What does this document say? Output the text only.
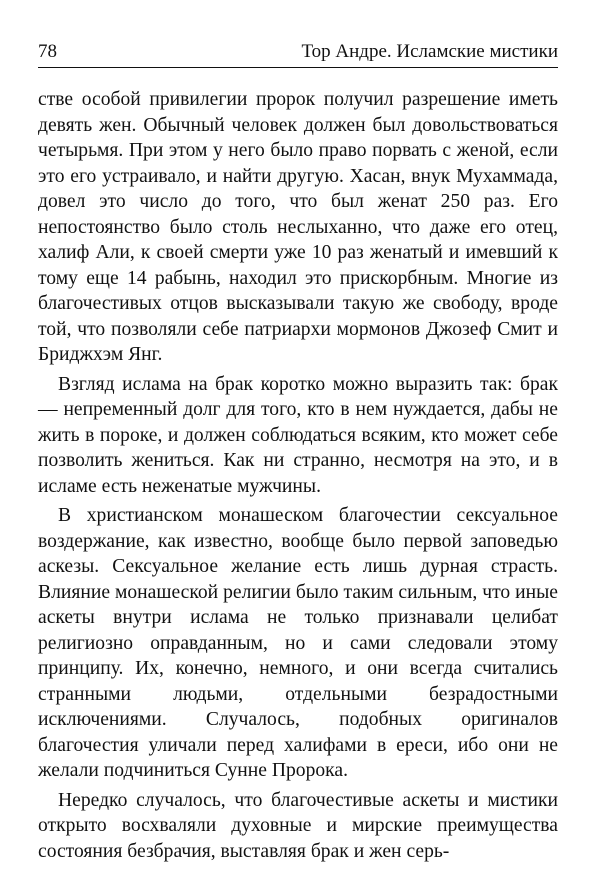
78	Тор Андре. Исламские мистики

стве особой привилегии пророк получил разрешение иметь девять жен. Обычный человек должен был довольствоваться четырьмя. При этом у него было право порвать с женой, если это его устраивало, и найти другую. Хасан, внук Мухаммада, довел это число до того, что был женат 250 раз. Его непостоянство было столь неслыханно, что даже его отец, халиф Али, к своей смерти уже 10 раз женатый и имевший к тому еще 14 рабынь, находил это прискорбным. Многие из благочестивых отцов высказывали такую же свободу, вроде той, что позволяли себе патриархи мормонов Джозеф Смит и Бриджхэм Янг.

Взгляд ислама на брак коротко можно выразить так: брак — непременный долг для того, кто в нем нуждается, дабы не жить в пороке, и должен соблюдаться всяким, кто может себе позволить жениться. Как ни странно, несмотря на это, и в исламе есть неженатые мужчины.

В христианском монашеском благочестии сексуальное воздержание, как известно, вообще было первой заповедью аскезы. Сексуальное желание есть лишь дурная страсть. Влияние монашеской религии было таким сильным, что иные аскеты внутри ислама не только признавали целибат религиозно оправданным, но и сами следовали этому принципу. Их, конечно, немного, и они всегда считались странными людьми, отдельными безрадостными исключениями. Случалось, подобных оригиналов благочестия уличали перед халифами в ереси, ибо они не желали подчиниться Сунне Пророка.

Нередко случалось, что благочестивые аскеты и мистики открыто восхваляли духовные и мирские преимущества состояния безбрачия, выставляя брак и жен серь-
